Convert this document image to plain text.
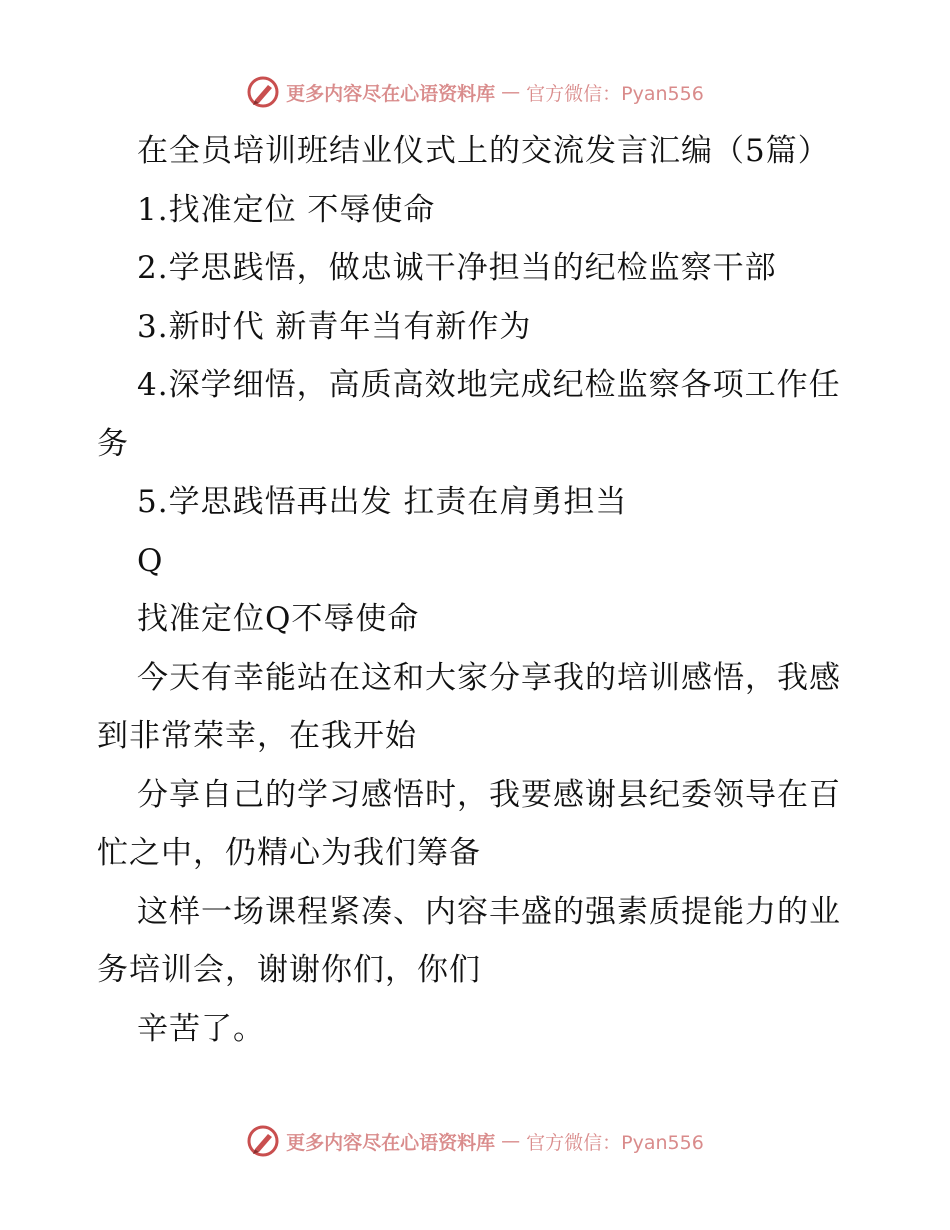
更多内容尽在心语资料库 — 官方微信：Pyan556

在全员培训班结业仪式上的交流发言汇编（5篇）

1.找准定位 不辱使命

2.学思践悟，做忠诚干净担当的纪检监察干部

3.新时代 新青年当有新作为

4.深学细悟，高质高效地完成纪检监察各项工作任务

5.学思践悟再出发 扛责在肩勇担当

Q

找准定位Q不辱使命

今天有幸能站在这和大家分享我的培训感悟，我感到非常荣幸，在我开始

分享自己的学习感悟时，我要感谢县纪委领导在百忙之中，仍精心为我们筹备

这样一场课程紧凑、内容丰盛的强素质提能力的业务培训会，谢谢你们，你们

辛苦了。

更多内容尽在心语资料库 — 官方微信：Pyan556
